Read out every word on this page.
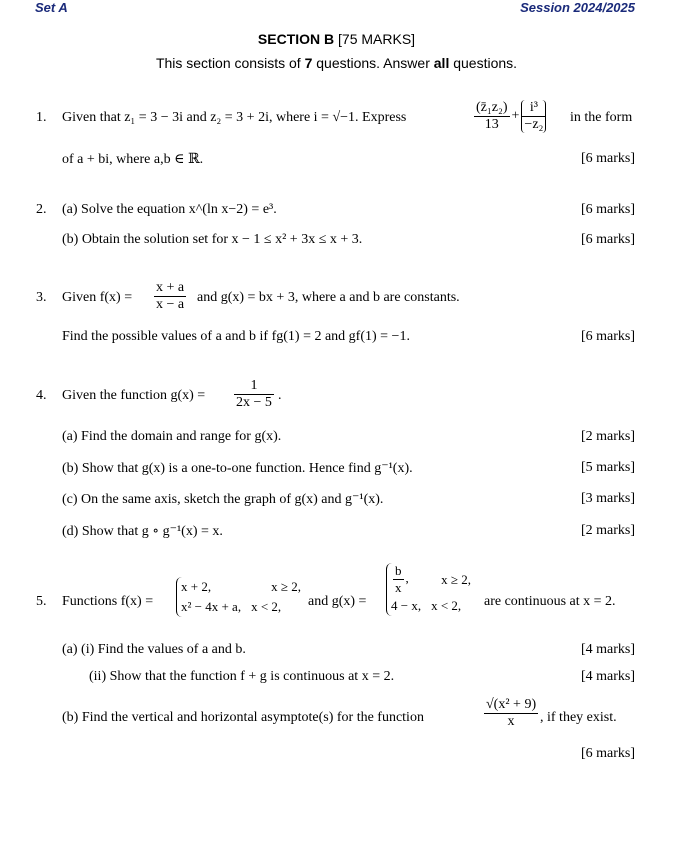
Set A	Session 2024/2025
SECTION B [75 MARKS]
This section consists of 7 questions. Answer all questions.
1. Given that z₁ = 3 − 3i and z₂ = 3 + 2i, where i = √−1. Express	$\frac{\text{(z̄₁z₂)}}{13} + \frac{\text{i³}}{\text{−z₂}}$ in the form
of a + bi, where a,b ∈ ℝ.	[6 marks]
2. (a) Solve the equation x^(ln x−2) = e³.	[6 marks]
(b) Obtain the solution set for x − 1 ≤ x² + 3x ≤ x + 3.	[6 marks]
3. Given $f(x) = \frac{x + a}{x - a}$ and g(x) = bx + 3, where a and b are constants.
Find the possible values of a and b if fg(1) = 2 and gf(1) = −1.	[6 marks]
4. Given the function $g(x) = \frac{1}{2x - 5}$ .
(a) Find the domain and range for g(x).	[2 marks]
(b) Show that g(x) is a one-to-one function. Hence find g⁻¹(x).	[5 marks]
(c) On the same axis, sketch the graph of g(x) and g⁻¹(x).	[3 marks]
(d) Show that g ∘ g⁻¹(x) = x.	[2 marks]
5. Functions f(x) =
x + 2,	x ≥ 2,
x² − 4x + a,	x < 2, and g(x) =
$\frac{b}{x}$ ,	x ≥ 2,
4 − x,	x < 2, are continuous at x = 2.
(a) (i) Find the values of a and b.	[4 marks]
(ii) Show that the function f + g is continuous at x = 2.	[4 marks]
(b) Find the vertical and horizontal asymptote(s) for the function	$\frac{\text{√(x² + 9)}}{x}$ , if they exist.
[6 marks]
